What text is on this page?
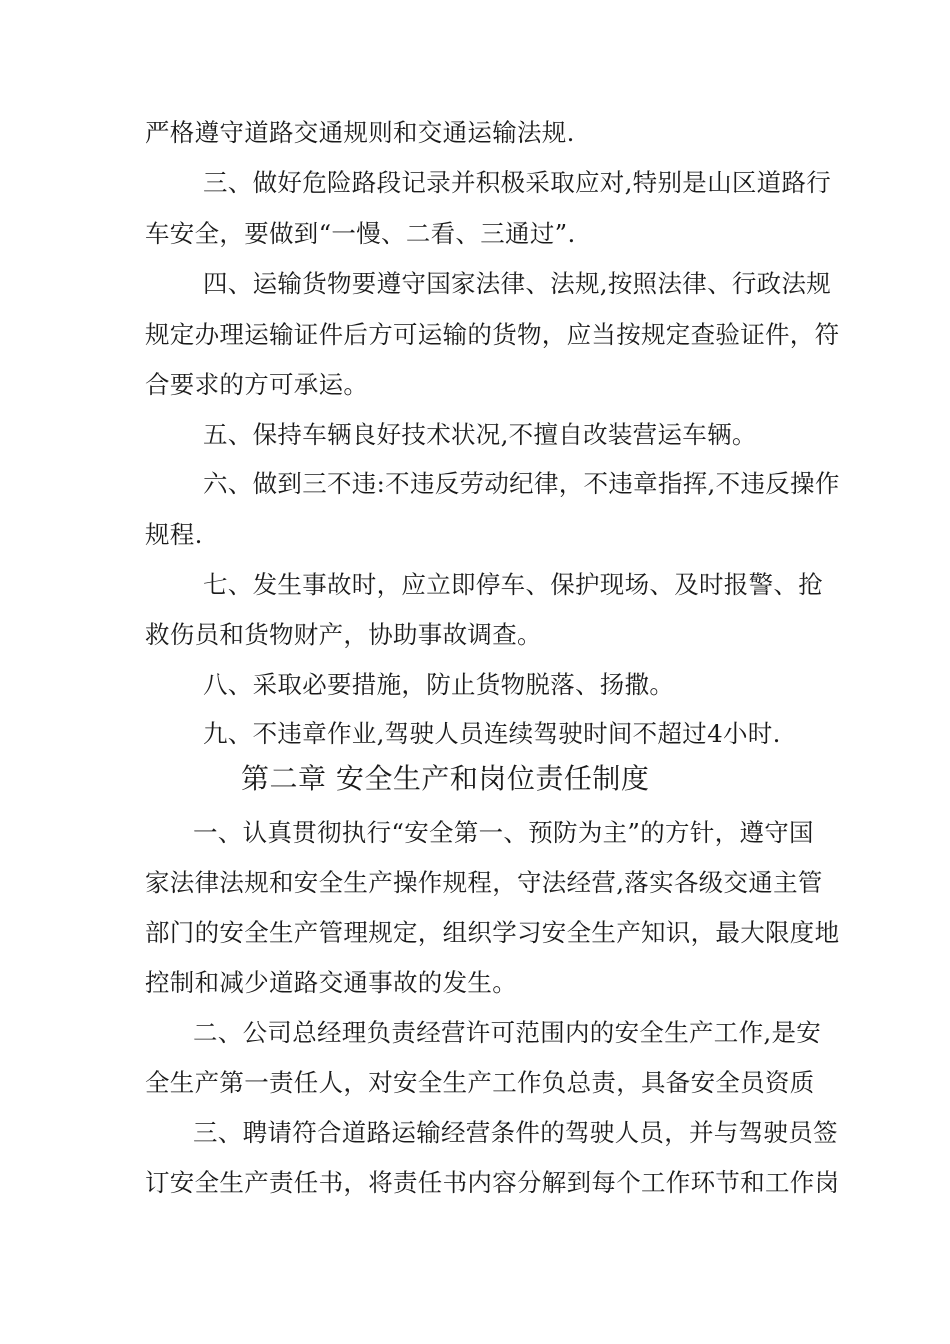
严格遵守道路交通规则和交通运输法规.
三、做好危险路段记录并积极采取应对,特别是山区道路行
车安全，要做到“一慢、二看、三通过”.
四、运输货物要遵守国家法律、法规,按照法律、行政法规
规定办理运输证件后方可运输的货物，应当按规定查验证件，符
合要求的方可承运。
五、保持车辆良好技术状况,不擅自改装营运车辆。
六、做到三不违:不违反劳动纪律，不违章指挥,不违反操作
规程.
七、发生事故时，应立即停车、保护现场、及时报警、抢
救伤员和货物财产，协助事故调查。
八、采取必要措施，防止货物脱落、扬撒。
九、不违章作业,驾驶人员连续驾驶时间不超过4小时.
第二章 安全生产和岗位责任制度
一、认真贯彻执行“安全第一、预防为主”的方针，遵守国
家法律法规和安全生产操作规程，守法经营,落实各级交通主管
部门的安全生产管理规定，组织学习安全生产知识，最大限度地
控制和减少道路交通事故的发生。
二、公司总经理负责经营许可范围内的安全生产工作,是安
全生产第一责任人，对安全生产工作负总责，具备安全员资质
三、聘请符合道路运输经营条件的驾驶人员，并与驾驶员签
订安全生产责任书，将责任书内容分解到每个工作环节和工作岗
